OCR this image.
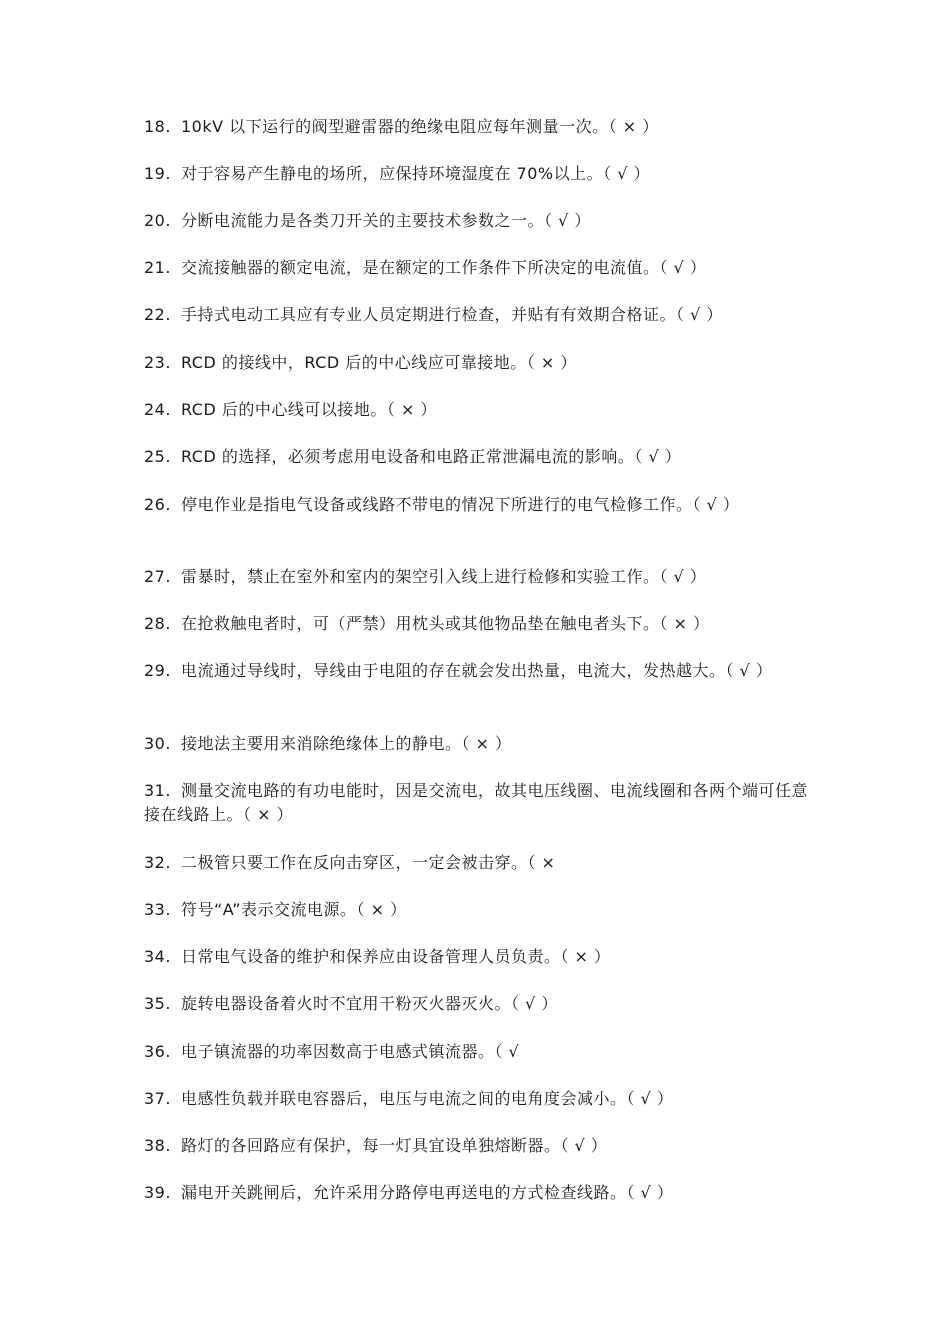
18. 10kV 以下运行的阀型避雷器的绝缘电阻应每年测量一次。（ × ）
19. 对于容易产生静电的场所，应保持环境湿度在 70%以上。（ √ ）
20. 分断电流能力是各类刀开关的主要技术参数之一。（ √ ）
21. 交流接触器的额定电流，是在额定的工作条件下所决定的电流值。（ √ ）
22. 手持式电动工具应有专业人员定期进行检查，并贴有有效期合格证。（ √ ）
23. RCD 的接线中，RCD 后的中心线应可靠接地。（ × ）
24. RCD 后的中心线可以接地。（ × ）
25. RCD 的选择，必须考虑用电设备和电路正常泄漏电流的影响。（ √ ）
26. 停电作业是指电气设备或线路不带电的情况下所进行的电气检修工作。（ √ ）
27. 雷暴时，禁止在室外和室内的架空引入线上进行检修和实验工作。（ √ ）
28. 在抢救触电者时，可（严禁）用枕头或其他物品垫在触电者头下。（ × ）
29. 电流通过导线时，导线由于电阻的存在就会发出热量，电流大，发热越大。（ √ ）
30. 接地法主要用来消除绝缘体上的静电。（ × ）
31. 测量交流电路的有功电能时，因是交流电，故其电压线圈、电流线圈和各两个端可任意接在线路上。（ × ）
32. 二极管只要工作在反向击穿区，一定会被击穿。（ ×
33. 符号“A”表示交流电源。（ × ）
34. 日常电气设备的维护和保养应由设备管理人员负责。（ × ）
35. 旋转电器设备着火时不宜用干粉灭火器灭火。（ √ ）
36. 电子镇流器的功率因数高于电感式镇流器。（ √
37. 电感性负载并联电容器后，电压与电流之间的电角度会减小。（ √ ）
38. 路灯的各回路应有保护，每一灯具宜设单独熔断器。（ √ ）
39. 漏电开关跳闸后，允许采用分路停电再送电的方式检查线路。（ √ ）
